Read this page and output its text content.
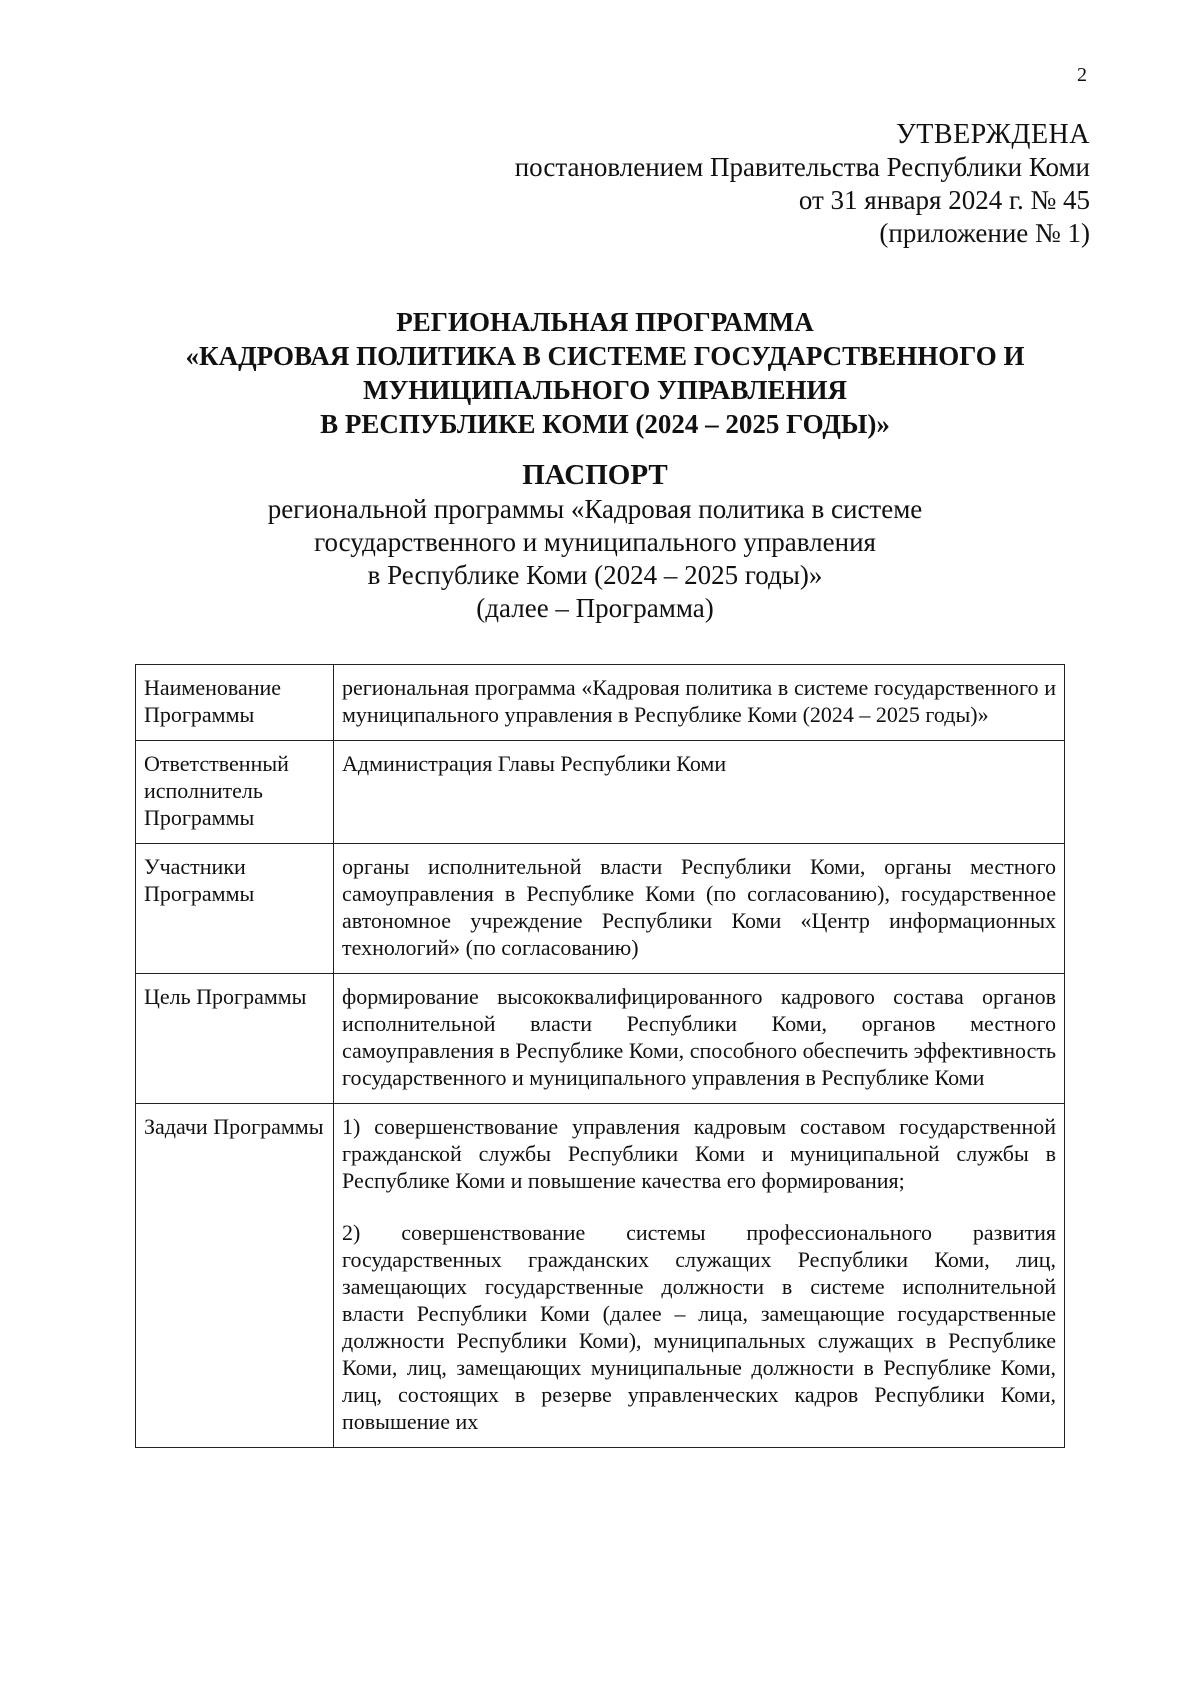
2
УТВЕРЖДЕНА
постановлением Правительства Республики Коми
от 31 января 2024 г. № 45
(приложение № 1)
РЕГИОНАЛЬНАЯ ПРОГРАММА
«КАДРОВАЯ ПОЛИТИКА В СИСТЕМЕ ГОСУДАРСТВЕННОГО И
МУНИЦИПАЛЬНОГО УПРАВЛЕНИЯ
В РЕСПУБЛИКЕ КОМИ (2024 – 2025 ГОДЫ)»
ПАСПОРТ
региональной программы «Кадровая политика в системе
государственного и муниципального управления
в Республике Коми (2024 – 2025 годы)»
(далее – Программа)
Наименование Программы	региональная программа «Кадровая политика в системе государственного и муниципального управления в Республике Коми (2024 – 2025 годы)»
Ответственный исполнитель Программы	Администрация Главы Республики Коми
Участники Программы	органы исполнительной власти Республики Коми, органы местного самоуправления в Республике Коми (по согласованию), государственное автономное учреждение Республики Коми «Центр информационных технологий» (по согласованию)
Цель Программы	формирование высококвалифицированного кадрового состава органов исполнительной власти Республики Коми, органов местного самоуправления в Республике Коми, способного обеспечить эффективность государственного и муниципального управления в Республике Коми
Задачи Программы	1) совершенствование управления кадровым составом государственной гражданской службы Республики Коми и муниципальной службы в Республике Коми и повышение качества его формирования;

2) совершенствование системы профессионального развития государственных гражданских служащих Республики Коми, лиц, замещающих государственные должности в системе исполнительной власти Республики Коми (далее – лица, замещающие государственные должности Республики Коми), муниципальных служащих в Республике Коми, лиц, замещающих муниципальные должности в Республике Коми, лиц, состоящих в резерве управленческих кадров Республики Коми, повышение их
